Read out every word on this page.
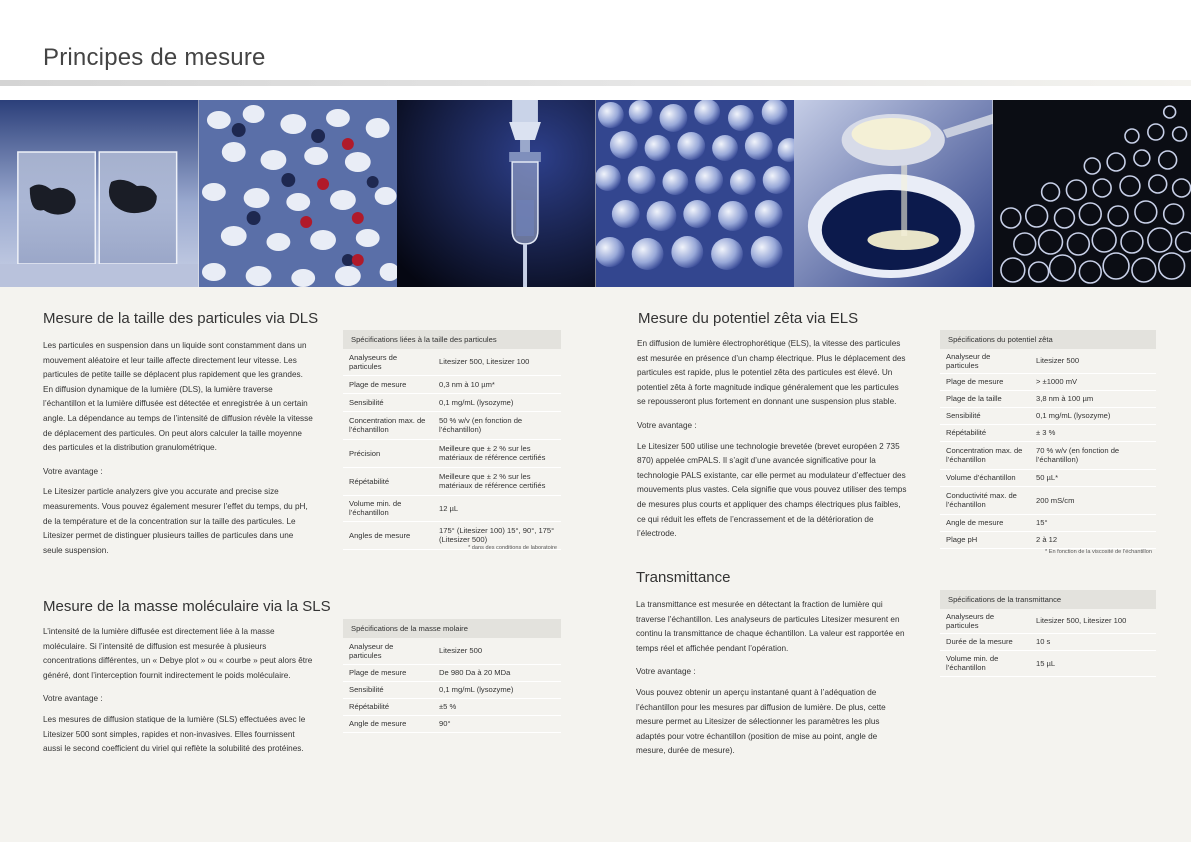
Principes de mesure
Mesure de la taille des particules via DLS

Les particules en suspension dans un liquide sont constamment dans un mouvement aléatoire et leur taille affecte directement leur vitesse. Les particules de petite taille se déplacent plus rapidement que les grandes. En diffusion dynamique de la lumière (DLS), la lumière traverse l’échantillon et la lumière diffusée est détectée et enregistrée à un certain angle. La dépendance au temps de l’intensité de diffusion révèle la vitesse de déplacement des particules. On peut alors calculer la taille moyenne des particules et la distribution granulométrique.

Votre avantage :

Le Litesizer particle analyzers give you accurate and precise size measurements. Vous pouvez également mesurer l’effet du temps, du pH, de la température et de la concentration sur la taille des particules. Le Litesizer permet de distinguer plusieurs tailles de particules dans une seule suspension.

Spécifications liées à la taille des particules	
Analyseurs de particules	Litesizer 500, Litesizer 100
Plage de mesure	0,3 nm à 10 µm*
Sensibilité	0,1 mg/mL (lysozyme)
Concentration max. de l’échantillon	50 % w/v (en fonction de l’échantillon)
Précision	Meilleure que ± 2 % sur les matériaux de référence certifiés
Répétabilité	Meilleure que ± 2 % sur les matériaux de référence certifiés
Volume min. de l’échantillon	12 µL
Angles de mesure	175° (Litesizer 100) 15°, 90°, 175° (Litesizer 500)
* dans des conditions de laboratoire
Mesure de la masse moléculaire via la SLS

L’intensité de la lumière diffusée est directement liée à la masse moléculaire. Si l’intensité de diffusion est mesurée à plusieurs concentrations différentes, un « Debye plot » ou « courbe » peut alors être généré, dont l’interception fournit indirectement le poids moléculaire.

Votre avantage :

Les mesures de diffusion statique de la lumière (SLS) effectuées avec le Litesizer 500 sont simples, rapides et non-invasives. Elles fournissent aussi le second coefficient du viriel qui reflète la solubilité des protéines.

Spécifications de la masse molaire	
Analyseur de particules	Litesizer 500
Plage de mesure	De 980 Da à 20 MDa
Sensibilité	0,1 mg/mL (lysozyme)
Répétabilité	±5 %
Angle de mesure	90°
Mesure du potentiel zêta via ELS

En diffusion de lumière électrophorétique (ELS), la vitesse des particules est mesurée en présence d’un champ électrique. Plus le déplacement des particules est rapide, plus le potentiel zêta des particules est élevé. Un potentiel zêta à forte magnitude indique généralement que les particules se repousseront plus fortement en donnant une suspension plus stable.

Votre avantage :

Le Litesizer 500 utilise une technologie brevetée (brevet européen 2 735 870) appelée cmPALS. Il s’agit d’une avancée significative pour la technologie PALS existante, car elle permet au modulateur d’effectuer des mouvements plus vastes. Cela signifie que vous pouvez utiliser des temps de mesures plus courts et appliquer des champs électriques plus faibles, ce qui réduit les effets de l’encrassement et de la détérioration de l’électrode.

Spécifications du potentiel zêta	
Analyseur de particules	Litesizer 500
Plage de mesure	> ±1000 mV
Plage de la taille	3,8 nm à 100 µm
Sensibilité	0,1 mg/mL (lysozyme)
Répétabilité	± 3 %
Concentration max. de l’échantillon	70 % w/v (en fonction de l’échantillon)
Volume d’échantillon	50 µL*
Conductivité max. de l’échantillon	200 mS/cm
Angle de mesure	15°
Plage pH	2 à 12
* En fonction de la viscosité de l’échantillon
Transmittance

La transmittance est mesurée en détectant la fraction de lumière qui traverse l’échantillon. Les analyseurs de particules Litesizer mesurent en continu la transmittance de chaque échantillon. La valeur est rapportée en temps réel et affichée pendant l’opération.

Votre avantage :

Vous pouvez obtenir un aperçu instantané quant à l’adéquation de l’échantillon pour les mesures par diffusion de lumière. De plus, cette mesure permet au Litesizer de sélectionner les paramètres les plus adaptés pour votre échantillon (position de mise au point, angle de mesure, durée de mesure).

Spécifications de la transmittance	
Analyseurs de particules	Litesizer 500, Litesizer 100
Durée de la mesure	10 s
Volume min. de l’échantillon	15 µL
